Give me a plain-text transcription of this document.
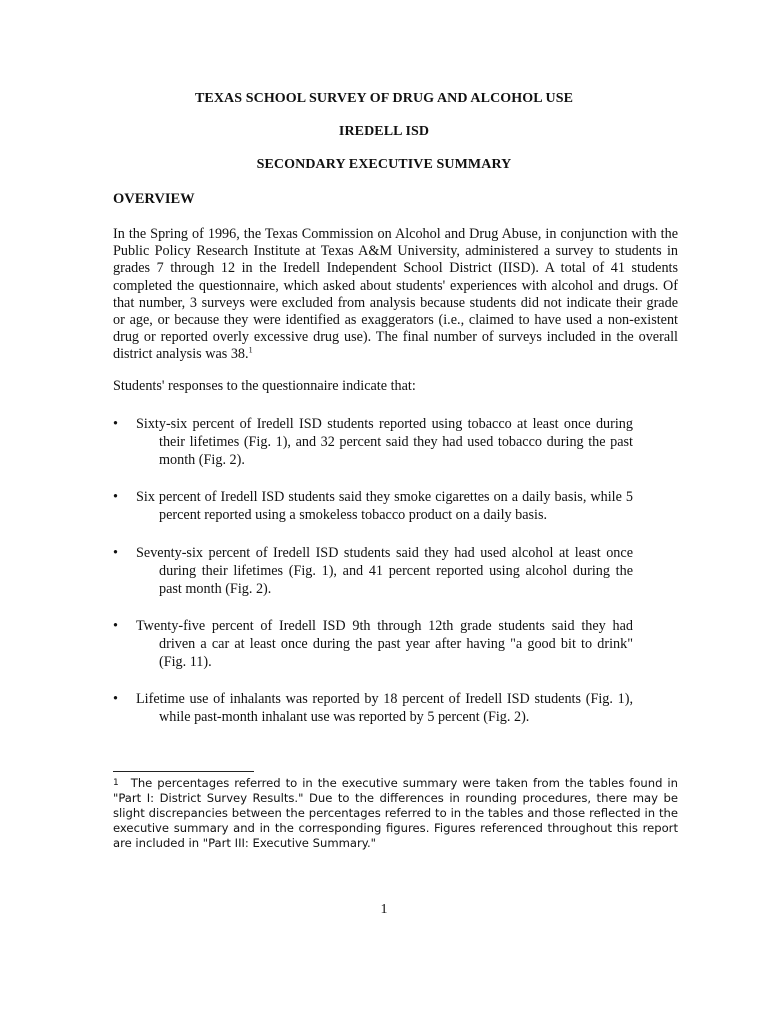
TEXAS SCHOOL SURVEY OF DRUG AND ALCOHOL USE
IREDELL ISD
SECONDARY EXECUTIVE SUMMARY
OVERVIEW
In the Spring of 1996, the Texas Commission on Alcohol and Drug Abuse, in conjunction with the Public Policy Research Institute at Texas A&M University, administered a survey to students in grades 7 through 12 in the Iredell Independent School District (IISD). A total of 41 students completed the questionnaire, which asked about students' experiences with alcohol and drugs. Of that number, 3 surveys were excluded from analysis because students did not indicate their grade or age, or because they were identified as exaggerators (i.e., claimed to have used a non-existent drug or reported overly excessive drug use). The final number of surveys included in the overall district analysis was 38.$^1$
Students' responses to the questionnaire indicate that:
• Sixty-six percent of Iredell ISD students reported using tobacco at least once during their lifetimes (Fig. 1), and 32 percent said they had used tobacco during the past month (Fig. 2).
• Six percent of Iredell ISD students said they smoke cigarettes on a daily basis, while 5 percent reported using a smokeless tobacco product on a daily basis.
• Seventy-six percent of Iredell ISD students said they had used alcohol at least once during their lifetimes (Fig. 1), and 41 percent reported using alcohol during the past month (Fig. 2).
• Twenty-five percent of Iredell ISD 9th through 12th grade students said they had driven a car at least once during the past year after having "a good bit to drink" (Fig. 11).
• Lifetime use of inhalants was reported by 18 percent of Iredell ISD students (Fig. 1), while past-month inhalant use was reported by 5 percent (Fig. 2).
$^1$ The percentages referred to in the executive summary were taken from the tables found in "Part I: District Survey Results." Due to the differences in rounding procedures, there may be slight discrepancies between the percentages referred to in the tables and those reflected in the executive summary and in the corresponding figures. Figures referenced throughout this report are included in "Part III: Executive Summary."
1
